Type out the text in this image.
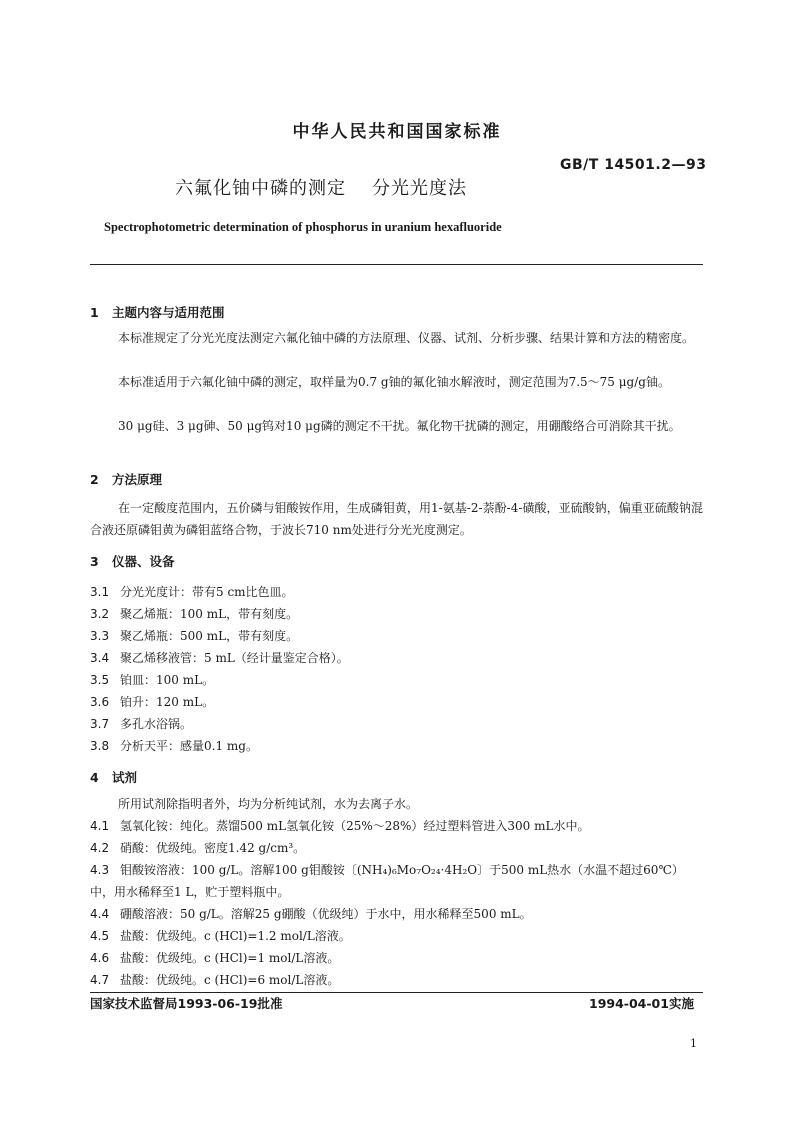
中华人民共和国国家标准
GB/T 14501.2—93
六氟化铀中磷的测定 分光光度法
Spectrophotometric determination of phosphorus in uranium hexafluoride
1 主题内容与适用范围
本标准规定了分光光度法测定六氟化铀中磷的方法原理、仪器、试剂、分析步骤、结果计算和方法的精密度。
本标准适用于六氟化铀中磷的测定，取样量为0.7 g铀的氟化铀水解液时，测定范围为7.5～75 μg/g铀。
30 μg硅、3 μg砷、50 μg钨对10 μg磷的测定不干扰。氟化物干扰磷的测定，用硼酸络合可消除其干扰。
2 方法原理
在一定酸度范围内，五价磷与钼酸铵作用，生成磷钼黄，用1-氨基-2-萘酚-4-磺酸，亚硫酸钠，偏重亚硫酸钠混合液还原磷钼黄为磷钼蓝络合物，于波长710 nm处进行分光光度测定。
3 仪器、设备
3.1 分光光度计：带有5 cm比色皿。
3.2 聚乙烯瓶：100 mL，带有刻度。
3.3 聚乙烯瓶：500 mL，带有刻度。
3.4 聚乙烯移液管：5 mL（经计量鉴定合格）。
3.5 铂皿：100 mL。
3.6 铂升：120 mL。
3.7 多孔水浴锅。
3.8 分析天平：感量0.1 mg。
4 试剂
所用试剂除指明者外，均为分析纯试剂，水为去离子水。
4.1 氢氧化铵：纯化。蒸馏500 mL氢氧化铵（25%～28%）经过塑料管进入300 mL水中。
4.2 硝酸：优级纯。密度1.42 g/cm³。
4.3 钼酸铵溶液：100 g/L。溶解100 g钼酸铵〔(NH₄)₆Mo₇O₂₄·4H₂O〕于500 mL热水（水温不超过60℃）中，用水稀释至1 L，贮于塑料瓶中。
4.4 硼酸溶液：50 g/L。溶解25 g硼酸（优级纯）于水中，用水稀释至500 mL。
4.5 盐酸：优级纯。c (HCl)=1.2 mol/L溶液。
4.6 盐酸：优级纯。c (HCl)=1 mol/L溶液。
4.7 盐酸：优级纯。c (HCl)=6 mol/L溶液。
国家技术监督局1993-06-19批准	1994-04-01实施
1
